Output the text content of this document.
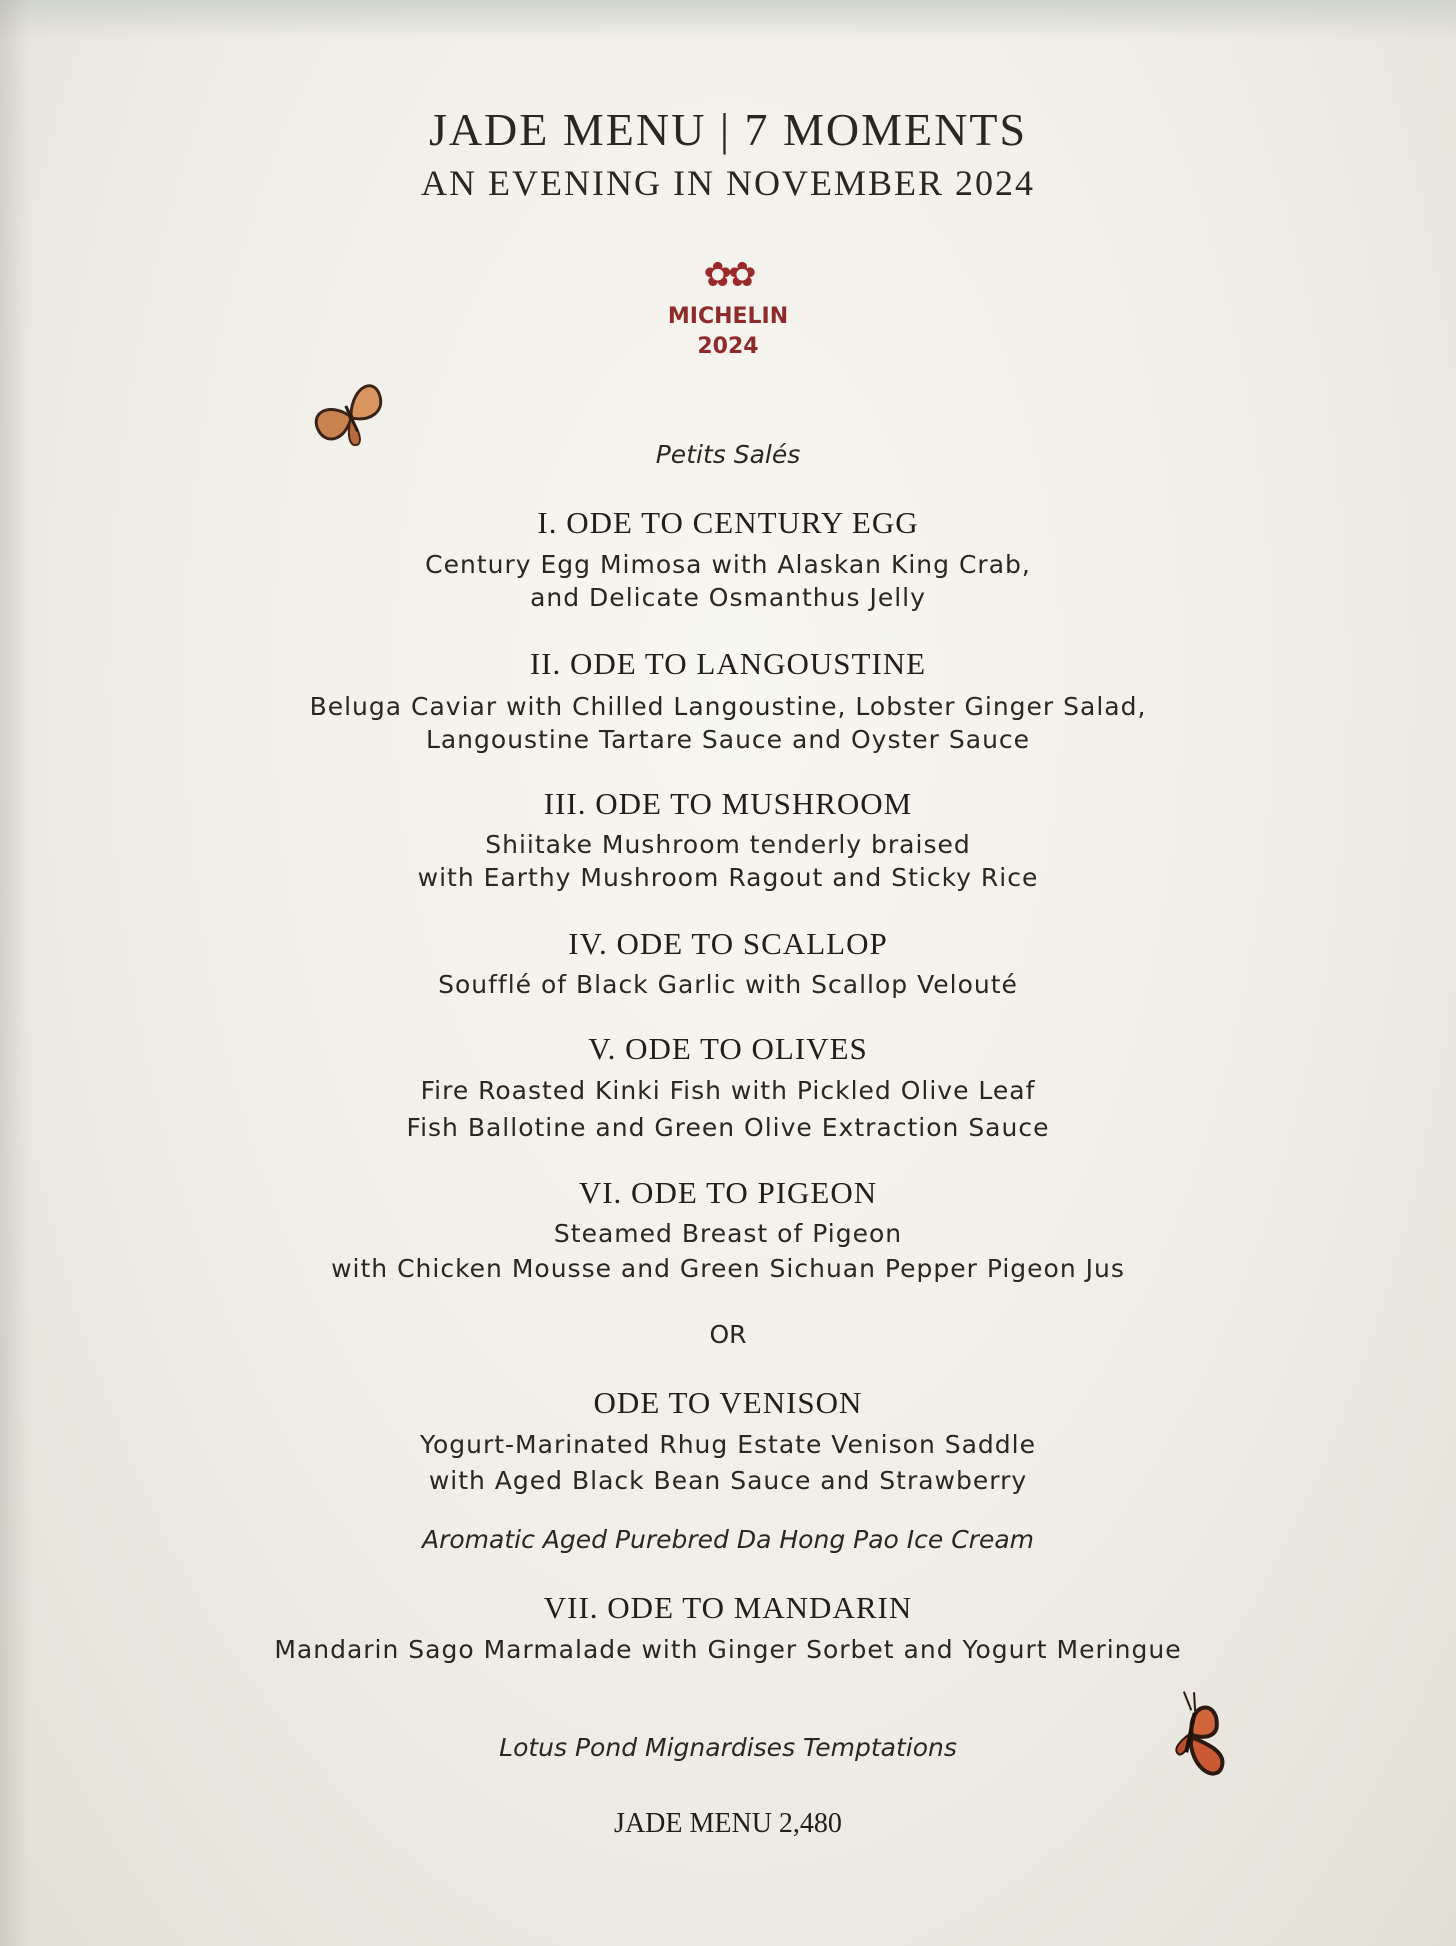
JADE MENU | 7 MOMENTS
AN EVENING IN NOVEMBER 2024
✿✿
MICHELIN
2024
Petits Salés
I. ODE TO CENTURY EGG
Century Egg Mimosa with Alaskan King Crab,
and Delicate Osmanthus Jelly
II. ODE TO LANGOUSTINE
Beluga Caviar with Chilled Langoustine, Lobster Ginger Salad,
Langoustine Tartare Sauce and Oyster Sauce
III. ODE TO MUSHROOM
Shiitake Mushroom tenderly braised
with Earthy Mushroom Ragout and Sticky Rice
IV. ODE TO SCALLOP
Soufflé of Black Garlic with Scallop Velouté
V. ODE TO OLIVES
Fire Roasted Kinki Fish with Pickled Olive Leaf
Fish Ballotine and Green Olive Extraction Sauce
VI. ODE TO PIGEON
Steamed Breast of Pigeon
with Chicken Mousse and Green Sichuan Pepper Pigeon Jus
OR
ODE TO VENISON
Yogurt-Marinated Rhug Estate Venison Saddle
with Aged Black Bean Sauce and Strawberry
Aromatic Aged Purebred Da Hong Pao Ice Cream
VII. ODE TO MANDARIN
Mandarin Sago Marmalade with Ginger Sorbet and Yogurt Meringue
Lotus Pond Mignardises Temptations
JADE MENU 2,480
